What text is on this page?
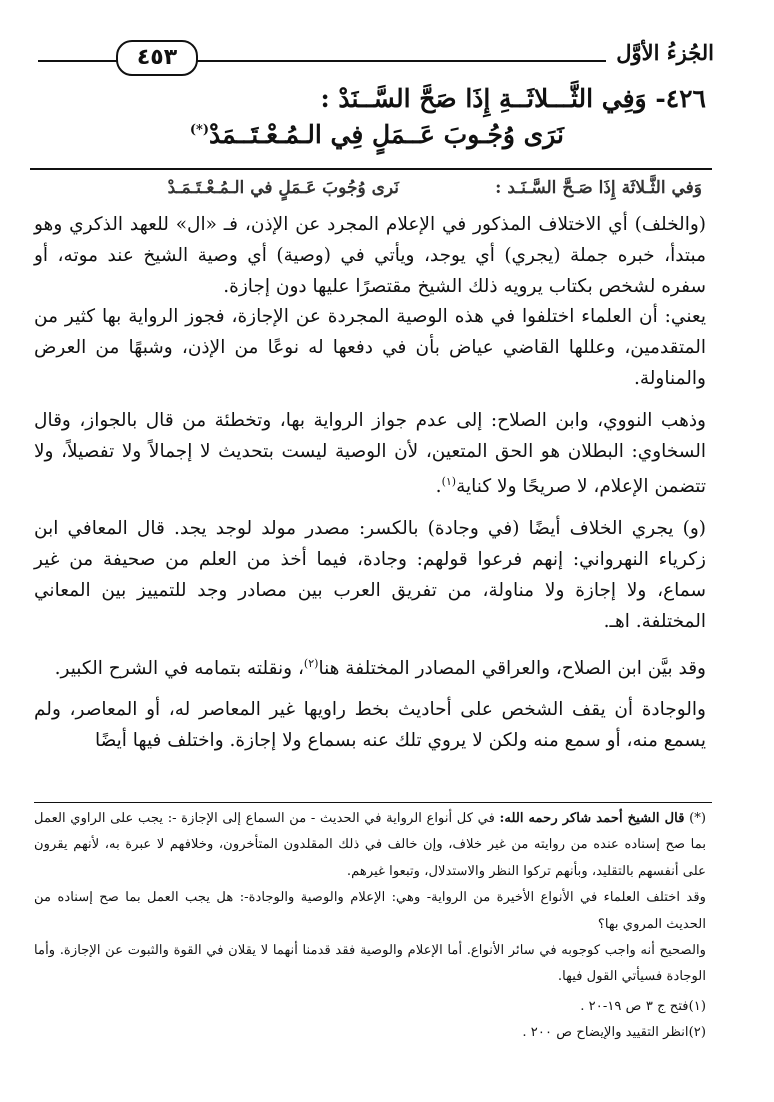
الجُزءُ الأوَّل
٤٥٣
٤٢٦- وَفِي الثَّـــلاثَــةِ إِذَا صَحَّ السَّــنَدْ :
نَرَى وُجُـوبَ عَــمَلٍ فِي الـمُـعْـتَــمَدْ(*)
وَفي الثَّـلاثَة إِذَا صَـحَّ السَّـنَـد :
نَرى وُجُوبَ عَـمَلٍ في الـمُـعْـتَـمَـدْ

(والخلف) أي الاختلاف المذكور في الإعلام المجرد عن الإذن، فـ «ال» للعهد الذكري وهو مبتدأ، خبره جملة (يجري) أي يوجد، ويأتي في (وصية) أي وصية الشيخ عند موته، أو سفره لشخص بكتاب يرويه ذلك الشيخ مقتصرًا عليها دون إجازة.

يعني: أن العلماء اختلفوا في هذه الوصية المجردة عن الإجازة، فجوز الرواية بها كثير من المتقدمين، وعللها القاضي عياض بأن في دفعها له نوعًا من الإذن، وشبهًا من العرض والمناولة.

وذهب النووي، وابن الصلاح: إلى عدم جواز الرواية بها، وتخطئة من قال بالجواز، وقال السخاوي: البطلان هو الحق المتعين، لأن الوصية ليست بتحديث لا إجمالاً ولا تفصيلاً، ولا تتضمن الإعلام، لا صريحًا ولا كناية$^{(١)}$.

(و) يجري الخلاف أيضًا (في وجادة) بالكسر: مصدر مولد لوجد يجد. قال المعافي ابن زكرياء النهرواني: إنهم فرعوا قولهم: وجادة، فيما أخذ من العلم من صحيفة من غير سماع، ولا إجازة ولا مناولة، من تفريق العرب بين مصادر وجد للتمييز بين المعاني المختلفة. اهـ.

وقد بيَّن ابن الصلاح، والعراقي المصادر المختلفة هنا$^{(٢)}$، ونقلته بتمامه في الشرح الكبير.

والوجادة أن يقف الشخص على أحاديث بخط راويها غير المعاصر له، أو المعاصر، ولم يسمع منه، أو سمع منه ولكن لا يروي تلك عنه بسماع ولا إجازة. واختلف فيها أيضًا

(*) قال الشيخ أحمد شاكر رحمه الله: في كل أنواع الرواية في الحديث - من السماع إلى الإجازة -: يجب على الراوي العمل بما صح إسناده عنده من روايته من غير خلاف، وإن خالف في ذلك المقلدون المتأخرون، وخلافهم لا عبرة به، لأنهم يقرون على أنفسهم بالتقليد، وبأنهم تركوا النظر والاستدلال، وتبعوا غيرهم.

وقد اختلف العلماء في الأنواع الأخيرة من الرواية- وهي: الإعلام والوصية والوجادة-: هل يجب العمل بما صح إسناده من الحديث المروي بها؟

والصحيح أنه واجب كوجوبه في سائر الأنواع. أما الإعلام والوصية فقد قدمنا أنهما لا يقلان في القوة والثبوت عن الإجازة. وأما الوجادة فسيأتي القول فيها.

(١)فتح ج ٣ ص ١٩-٢٠ .

(٢)انظر التقييد والإيضاح ص ٢٠٠ .
